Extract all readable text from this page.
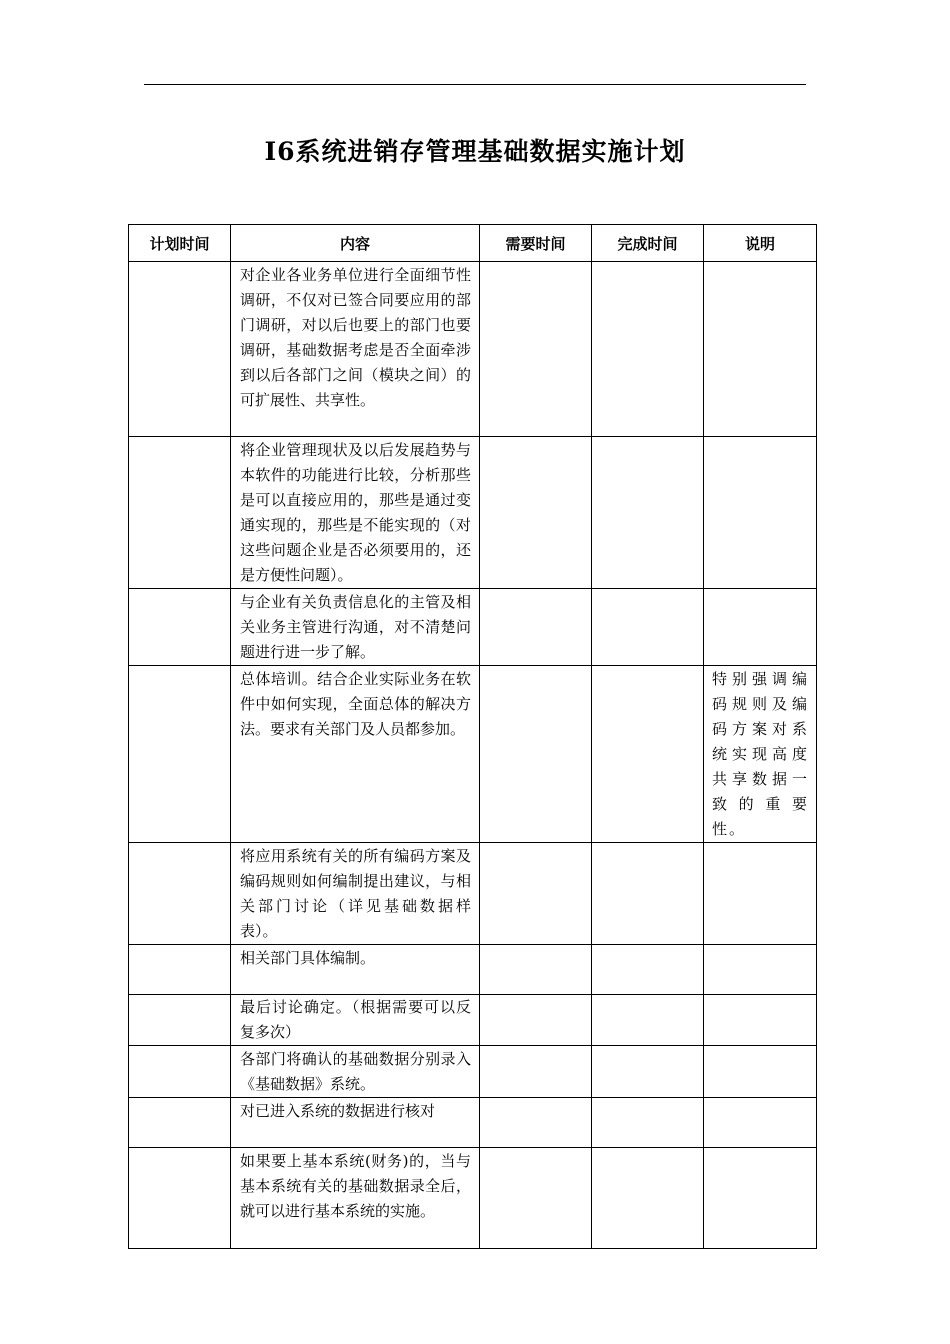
I6系统进销存管理基础数据实施计划
计划时间	内容	需要时间	完成时间	说明
	对企业各业务单位进行全面细节性调研，不仅对已签合同要应用的部门调研，对以后也要上的部门也要调研，基础数据考虑是否全面牵涉到以后各部门之间（模块之间）的可扩展性、共享性。			
	将企业管理现状及以后发展趋势与本软件的功能进行比较，分析那些是可以直接应用的，那些是通过变通实现的，那些是不能实现的（对这些问题企业是否必须要用的，还是方便性问题）。			
	与企业有关负责信息化的主管及相关业务主管进行沟通，对不清楚问题进行进一步了解。			
	总体培训。结合企业实际业务在软件中如何实现，全面总体的解决方法。要求有关部门及人员都参加。			特别强调编码规则及编码方案对系统实现高度共享数据一致的重要性。
	将应用系统有关的所有编码方案及编码规则如何编制提出建议，与相关部门讨论（详见基础数据样表）。			
	相关部门具体编制。			
	最后讨论确定。（根据需要可以反复多次）			
	各部门将确认的基础数据分别录入《基础数据》系统。			
	对已进入系统的数据进行核对			
	如果要上基本系统(财务)的，当与基本系统有关的基础数据录全后，就可以进行基本系统的实施。			
